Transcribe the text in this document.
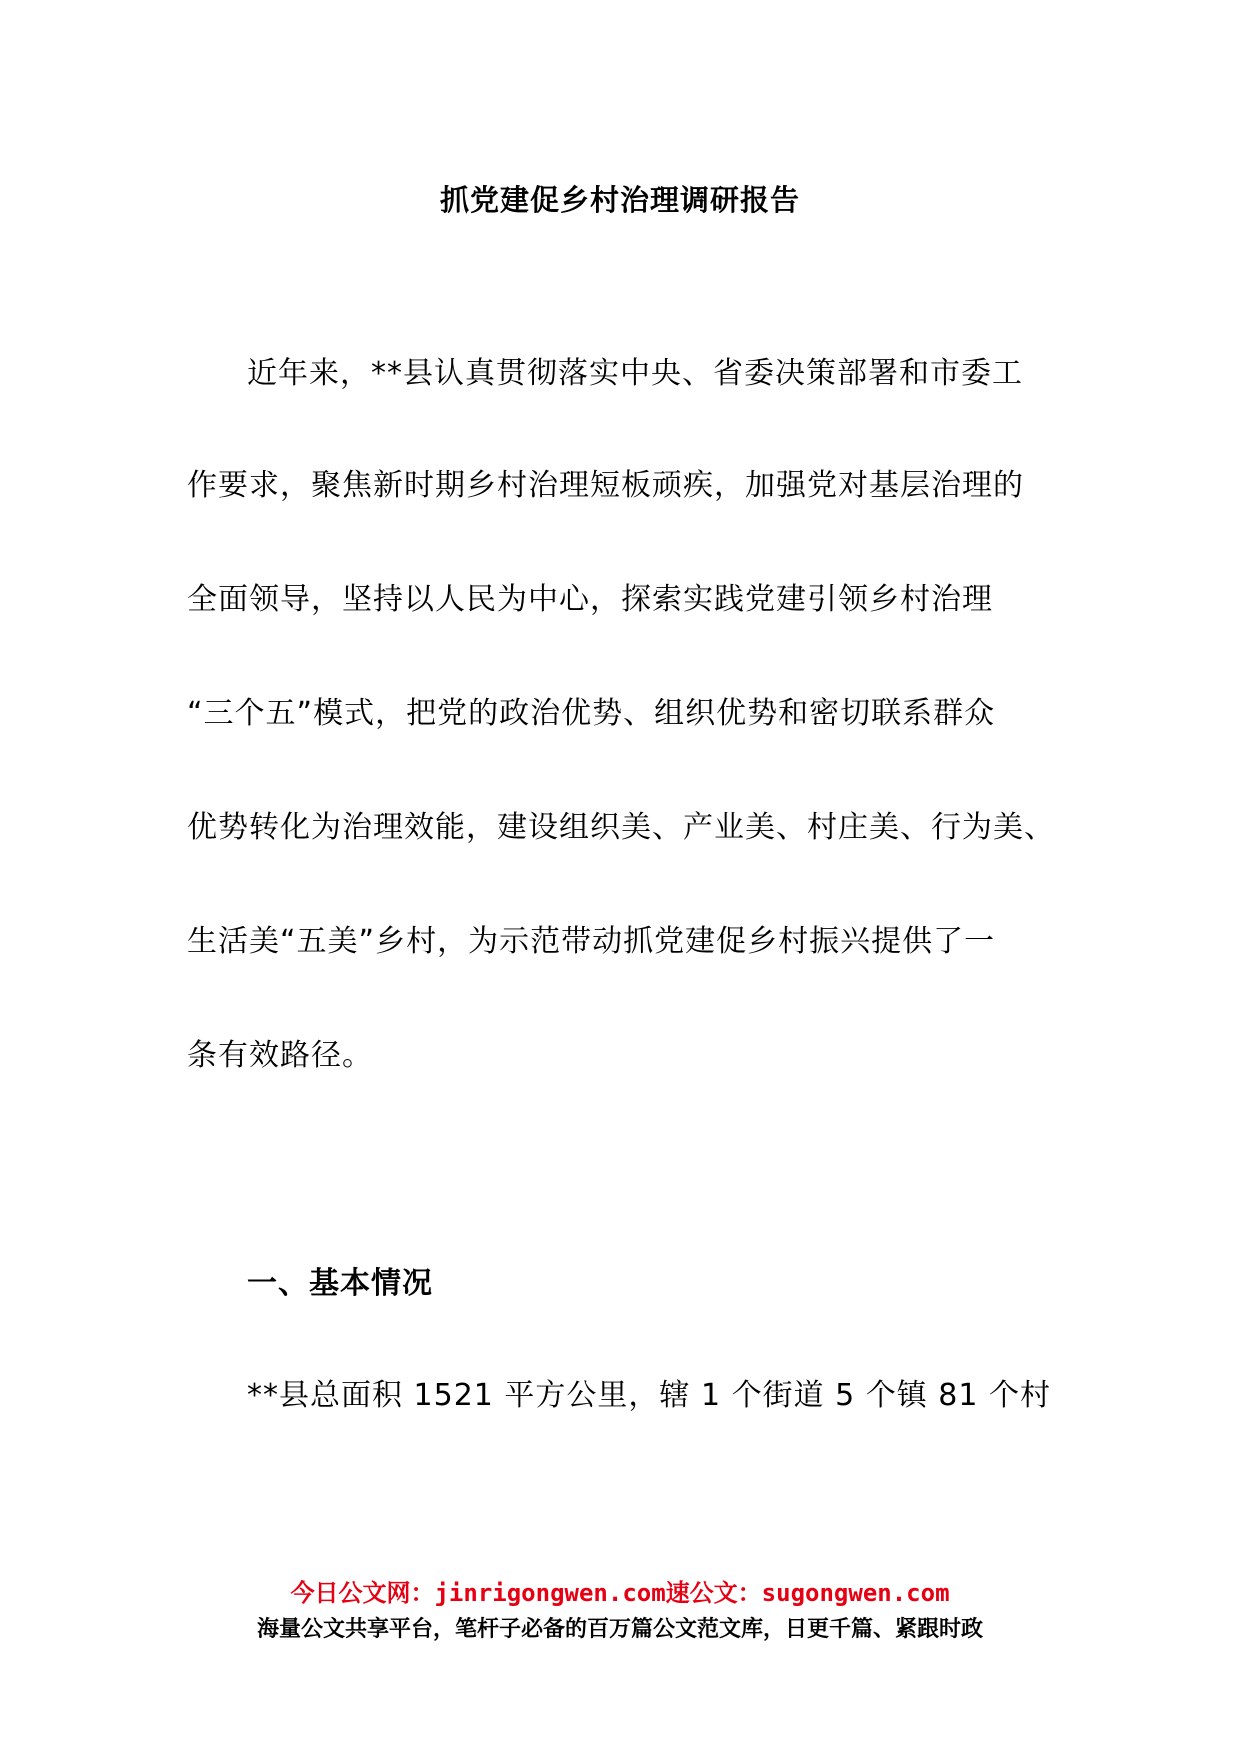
抓党建促乡村治理调研报告
近年来，**县认真贯彻落实中央、省委决策部署和市委工
作要求，聚焦新时期乡村治理短板顽疾，加强党对基层治理的
全面领导，坚持以人民为中心，探索实践党建引领乡村治理
“三个五”模式，把党的政治优势、组织优势和密切联系群众
优势转化为治理效能，建设组织美、产业美、村庄美、行为美、
生活美“五美”乡村，为示范带动抓党建促乡村振兴提供了一
条有效路径。
一、基本情况
**县总面积 1521 平方公里，辖 1 个街道 5 个镇 81 个村
今日公文网：jinrigongwen.com速公文：sugongwen.com
海量公文共享平台，笔杆子必备的百万篇公文范文库，日更千篇、紧跟时政
